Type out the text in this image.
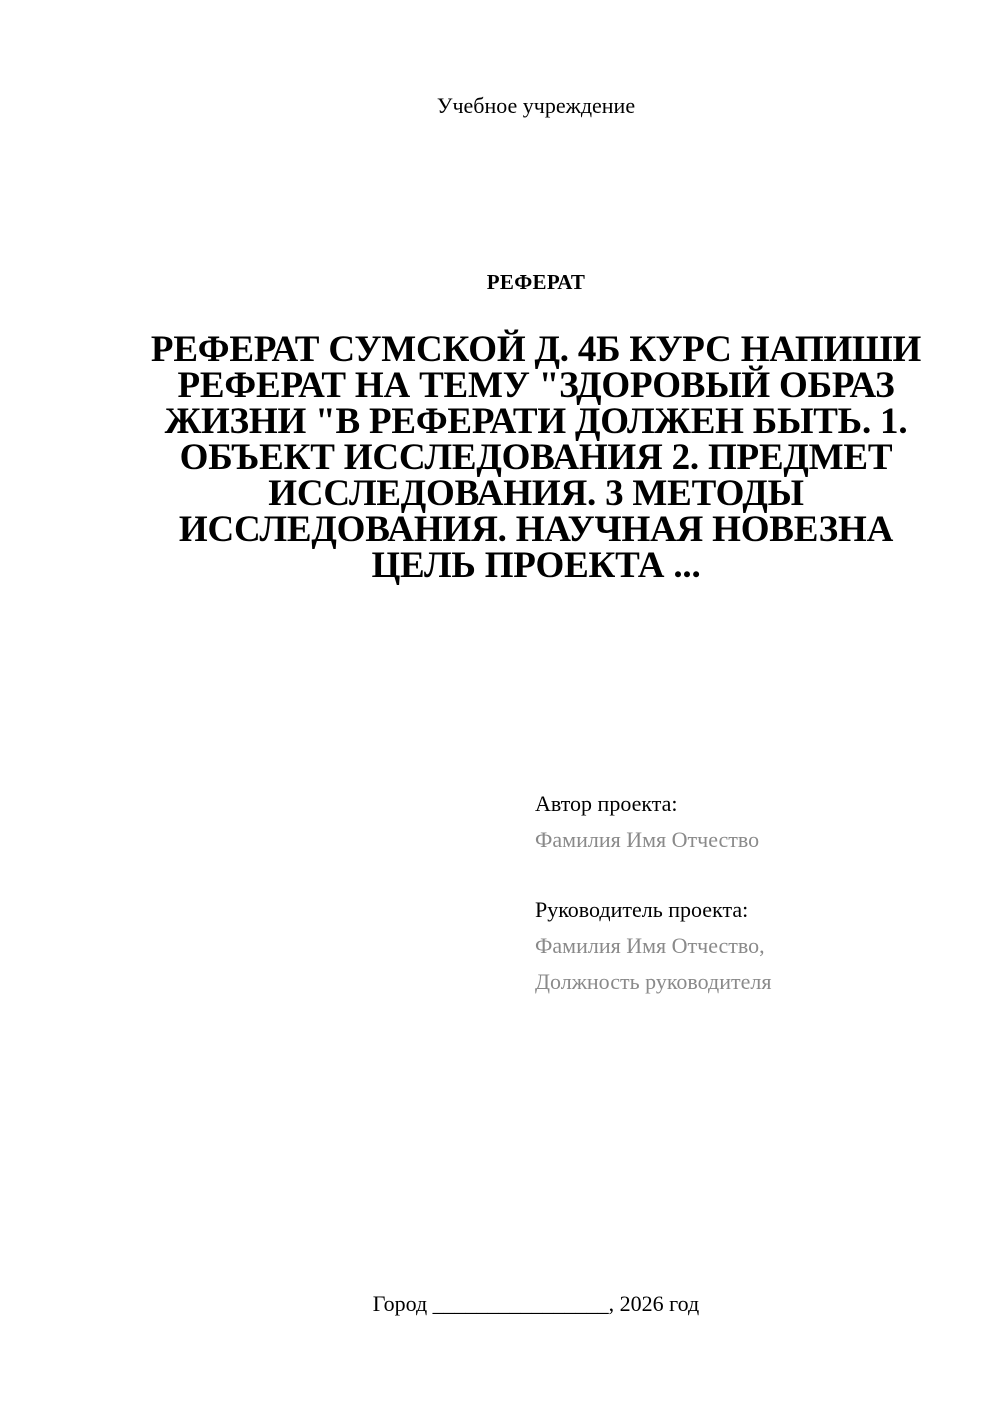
Учебное учреждение
РЕФЕРАТ
РЕФЕРАТ СУМСКОЙ Д. 4Б КУРС НАПИШИ РЕФЕРАТ НА ТЕМУ "ЗДОРОВЫЙ ОБРАЗ ЖИЗНИ "В РЕФЕРАТИ ДОЛЖЕН БЫТЬ. 1. ОБЪЕКТ ИССЛЕДОВАНИЯ 2. ПРЕДМЕТ ИССЛЕДОВАНИЯ. 3 МЕТОДЫ ИССЛЕДОВАНИЯ. НАУЧНАЯ НОВЕЗНА ЦЕЛЬ ПРОЕКТА ...
Автор проекта:
Фамилия Имя Отчество
Руководитель проекта:
Фамилия Имя Отчество,
Должность руководителя
Город ________________, 2026 год
